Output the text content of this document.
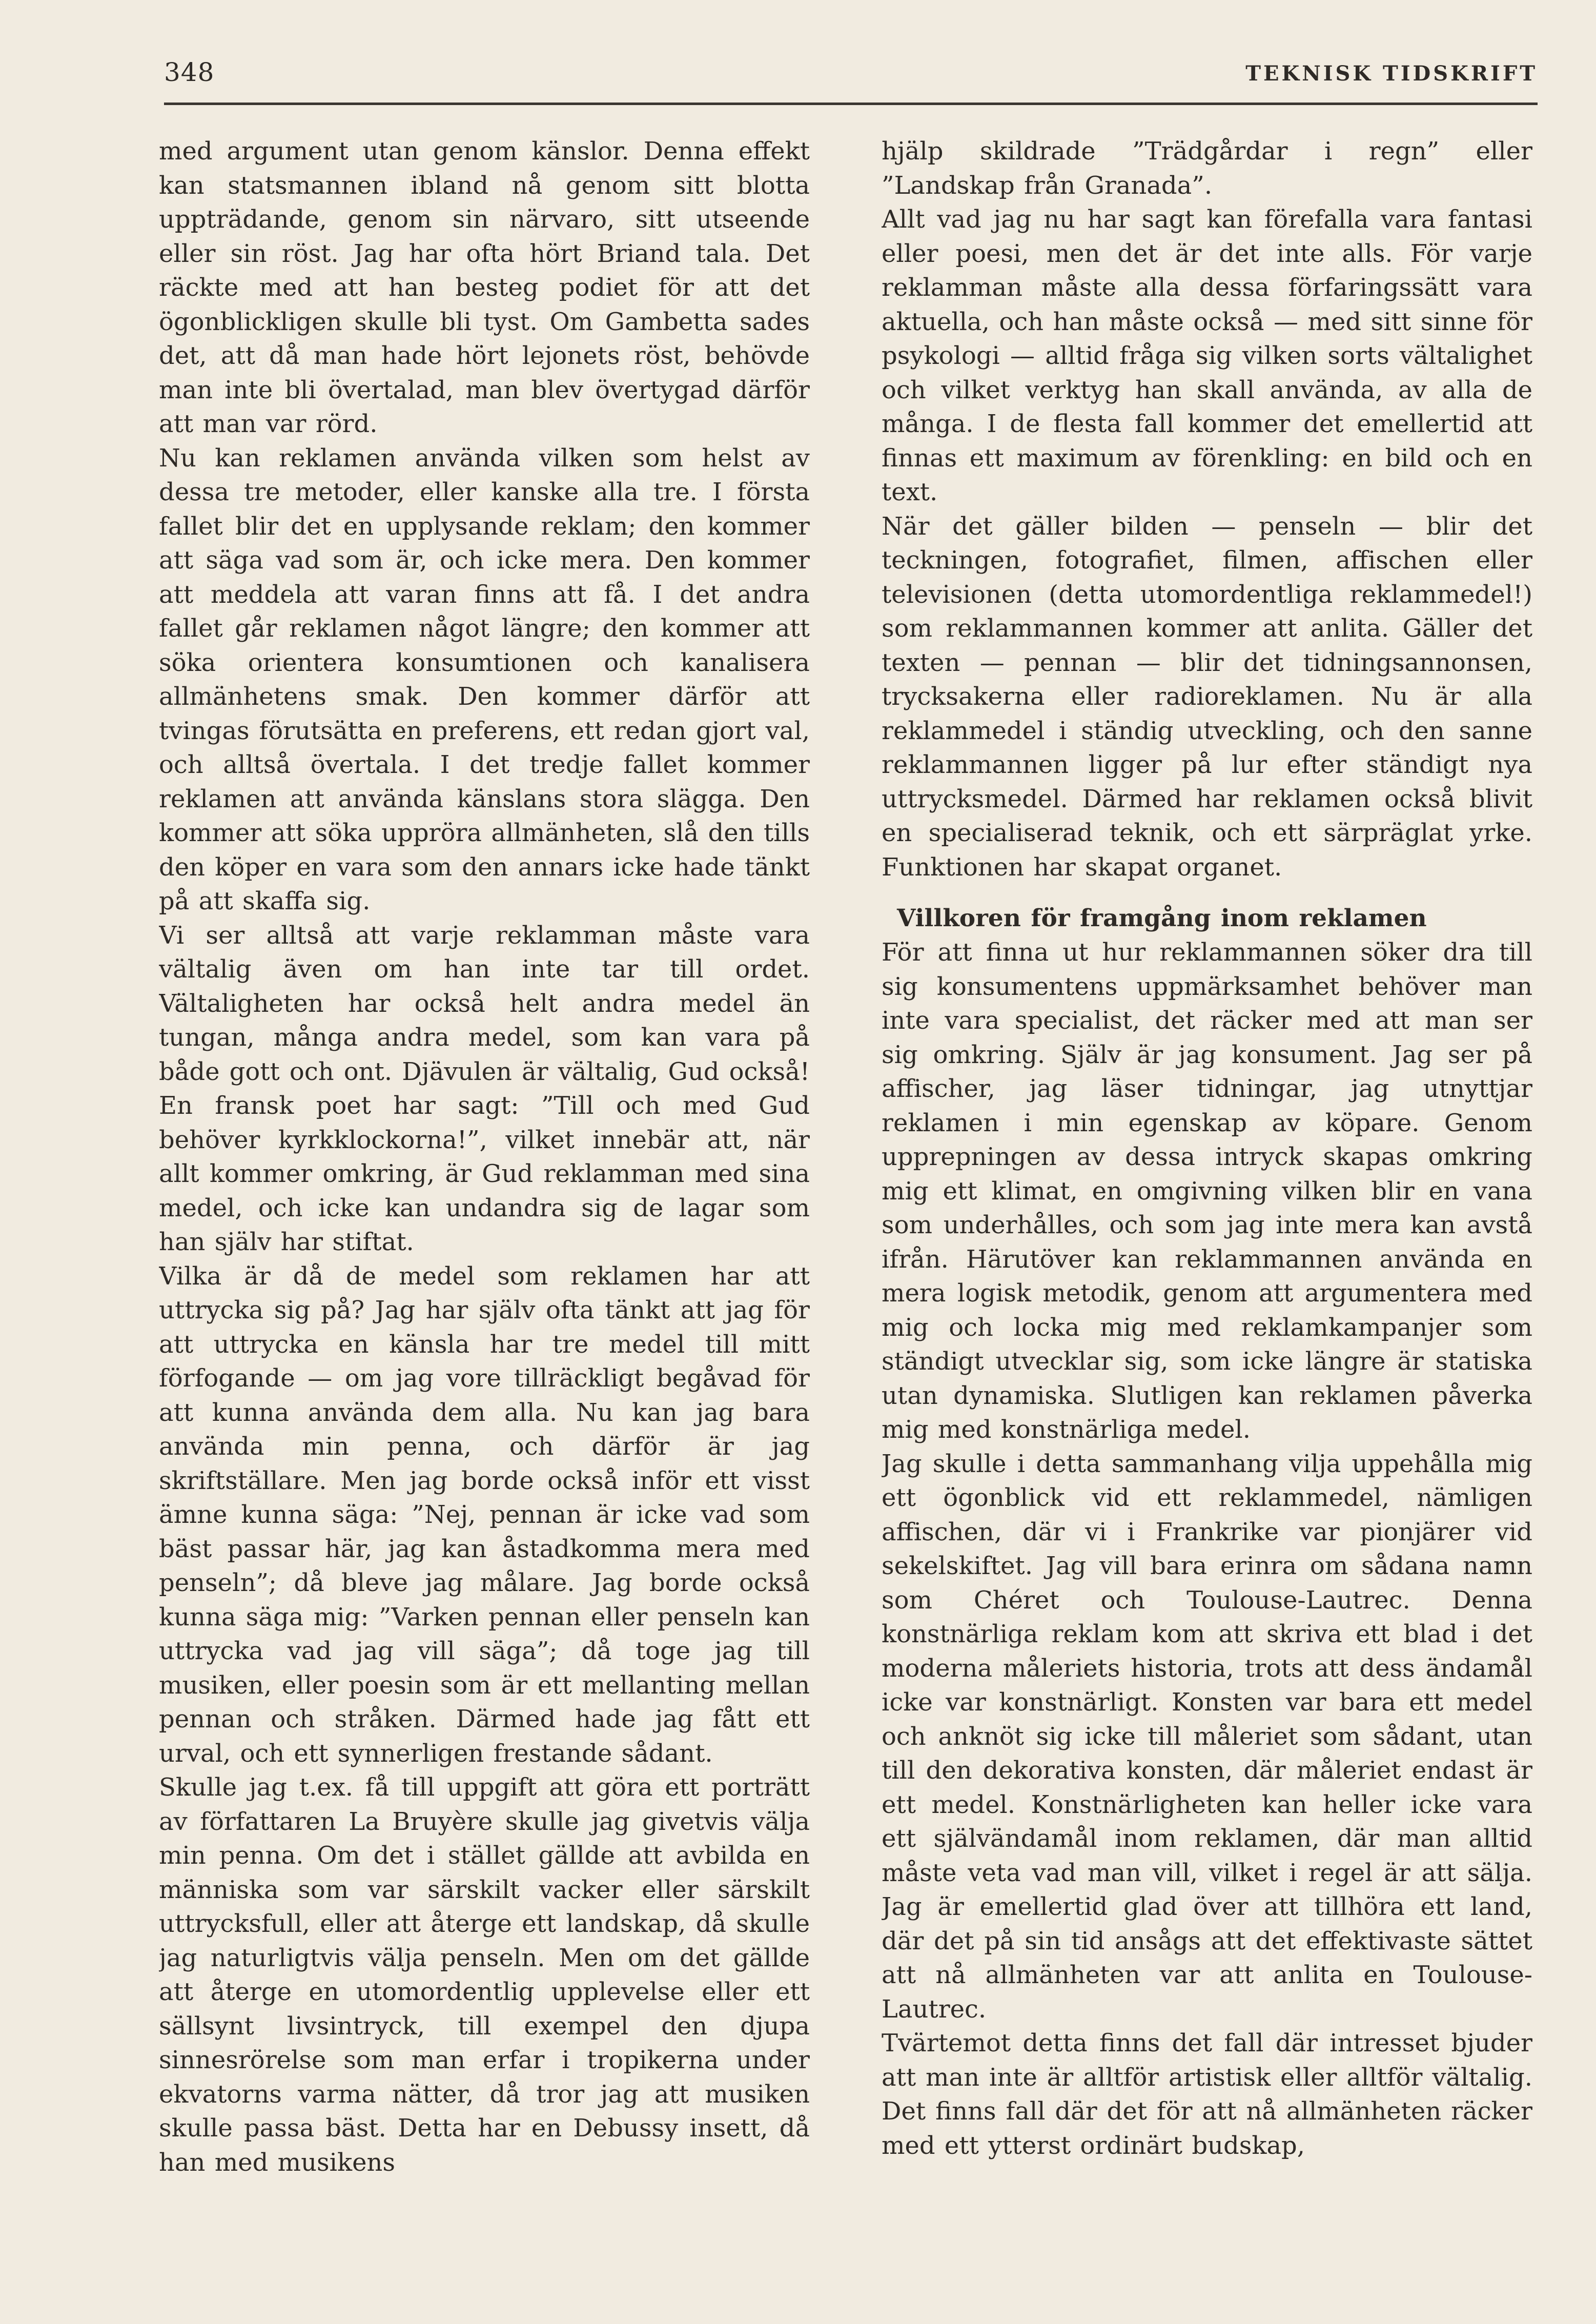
348	TEKNISK TIDSKRIFT

med argument utan genom känslor. Denna effekt kan statsmannen ibland nå genom sitt blotta uppträdande, genom sin närvaro, sitt utseende eller sin röst. Jag har ofta hört Briand tala. Det räckte med att han besteg podiet för att det ögonblickligen skulle bli tyst. Om Gambetta sades det, att då man hade hört lejonets röst, behövde man inte bli övertalad, man blev övertygad därför att man var rörd.

Nu kan reklamen använda vilken som helst av dessa tre metoder, eller kanske alla tre. I första fallet blir det en upplysande reklam; den kommer att säga vad som är, och icke mera. Den kommer att meddela att varan finns att få. I det andra fallet går reklamen något längre; den kommer att söka orientera konsumtionen och kanalisera allmänhetens smak. Den kommer därför att tvingas förutsätta en preferens, ett redan gjort val, och alltså övertala. I det tredje fallet kommer reklamen att använda känslans stora slägga. Den kommer att söka uppröra allmänheten, slå den tills den köper en vara som den annars icke hade tänkt på att skaffa sig.

Vi ser alltså att varje reklamman måste vara vältalig även om han inte tar till ordet. Vältaligheten har också helt andra medel än tungan, många andra medel, som kan vara på både gott och ont. Djävulen är vältalig, Gud också! En fransk poet har sagt: ”Till och med Gud behöver kyrkklockorna!”, vilket innebär att, när allt kommer omkring, är Gud reklamman med sina medel, och icke kan undandra sig de lagar som han själv har stiftat.

Vilka är då de medel som reklamen har att uttrycka sig på? Jag har själv ofta tänkt att jag för att uttrycka en känsla har tre medel till mitt förfogande — om jag vore tillräckligt begåvad för att kunna använda dem alla. Nu kan jag bara använda min penna, och därför är jag skriftställare. Men jag borde också inför ett visst ämne kunna säga: ”Nej, pennan är icke vad som bäst passar här, jag kan åstadkomma mera med penseln”; då bleve jag målare. Jag borde också kunna säga mig: ”Varken pennan eller penseln kan uttrycka vad jag vill säga”; då toge jag till musiken, eller poesin som är ett mellanting mellan pennan och stråken. Därmed hade jag fått ett urval, och ett synnerligen frestande sådant.

Skulle jag t.ex. få till uppgift att göra ett porträtt av författaren La Bruyère skulle jag givetvis välja min penna. Om det i stället gällde att avbilda en människa som var särskilt vacker eller särskilt uttrycksfull, eller att återge ett landskap, då skulle jag naturligtvis välja penseln. Men om det gällde att återge en utomordentlig upplevelse eller ett sällsynt livsintryck, till exempel den djupa sinnesrörelse som man erfar i tropikerna under ekvatorns varma nätter, då tror jag att musiken skulle passa bäst. Detta har en Debussy insett, då han med musikens

hjälp skildrade ”Trädgårdar i regn” eller ”Landskap från Granada”.

Allt vad jag nu har sagt kan förefalla vara fantasi eller poesi, men det är det inte alls. För varje reklamman måste alla dessa förfaringssätt vara aktuella, och han måste också — med sitt sinne för psykologi — alltid fråga sig vilken sorts vältalighet och vilket verktyg han skall använda, av alla de många. I de flesta fall kommer det emellertid att finnas ett maximum av förenkling: en bild och en text.

När det gäller bilden — penseln — blir det teckningen, fotografiet, filmen, affischen eller televisionen (detta utomordentliga reklammedel!) som reklammannen kommer att anlita. Gäller det texten — pennan — blir det tidningsannonsen, trycksakerna eller radioreklamen. Nu är alla reklammedel i ständig utveckling, och den sanne reklammannen ligger på lur efter ständigt nya uttrycksmedel. Därmed har reklamen också blivit en specialiserad teknik, och ett särpräglat yrke. Funktionen har skapat organet.

Villkoren för framgång inom reklamen

För att finna ut hur reklammannen söker dra till sig konsumentens uppmärksamhet behöver man inte vara specialist, det räcker med att man ser sig omkring. Själv är jag konsument. Jag ser på affischer, jag läser tidningar, jag utnyttjar reklamen i min egenskap av köpare. Genom upprepningen av dessa intryck skapas omkring mig ett klimat, en omgivning vilken blir en vana som underhålles, och som jag inte mera kan avstå ifrån. Härutöver kan reklammannen använda en mera logisk metodik, genom att argumentera med mig och locka mig med reklamkampanjer som ständigt utvecklar sig, som icke längre är statiska utan dynamiska. Slutligen kan reklamen påverka mig med konstnärliga medel.

Jag skulle i detta sammanhang vilja uppehålla mig ett ögonblick vid ett reklammedel, nämligen affischen, där vi i Frankrike var pionjärer vid sekelskiftet. Jag vill bara erinra om sådana namn som Chéret och Toulouse-Lautrec. Denna konstnärliga reklam kom att skriva ett blad i det moderna måleriets historia, trots att dess ändamål icke var konstnärligt. Konsten var bara ett medel och anknöt sig icke till måleriet som sådant, utan till den dekorativa konsten, där måleriet endast är ett medel. Konstnärligheten kan heller icke vara ett självändamål inom reklamen, där man alltid måste veta vad man vill, vilket i regel är att sälja. Jag är emellertid glad över att tillhöra ett land, där det på sin tid ansågs att det effektivaste sättet att nå allmänheten var att anlita en Toulouse-Lautrec.

Tvärtemot detta finns det fall där intresset bjuder att man inte är alltför artistisk eller alltför vältalig. Det finns fall där det för att nå allmänheten räcker med ett ytterst ordinärt budskap,
